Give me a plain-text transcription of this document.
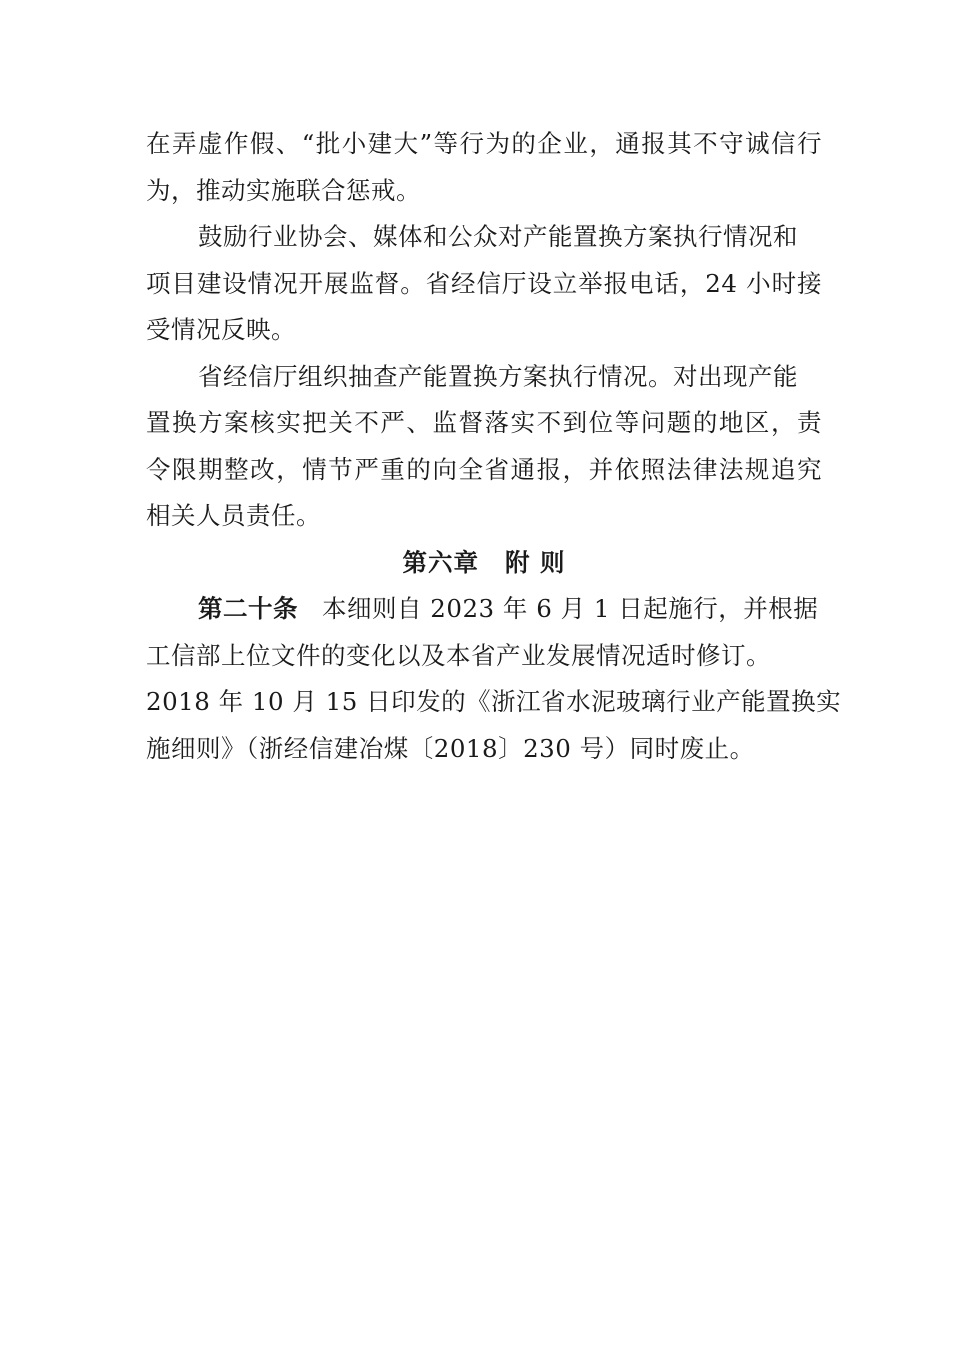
在弄虚作假、“批小建大”等行为的企业，通报其不守诚信行
为，推动实施联合惩戒。
鼓励行业协会、媒体和公众对产能置换方案执行情况和
项目建设情况开展监督。省经信厅设立举报电话，24 小时接
受情况反映。
省经信厅组织抽查产能置换方案执行情况。对出现产能
置换方案核实把关不严、监督落实不到位等问题的地区，责
令限期整改，情节严重的向全省通报，并依照法律法规追究
相关人员责任。
第六章 附 则
第二十条 本细则自 2023 年 6 月 1 日起施行，并根据
工信部上位文件的变化以及本省产业发展情况适时修订。
2018 年 10 月 15 日印发的《浙江省水泥玻璃行业产能置换实
施细则》（浙经信建冶煤〔2018〕230 号）同时废止。
